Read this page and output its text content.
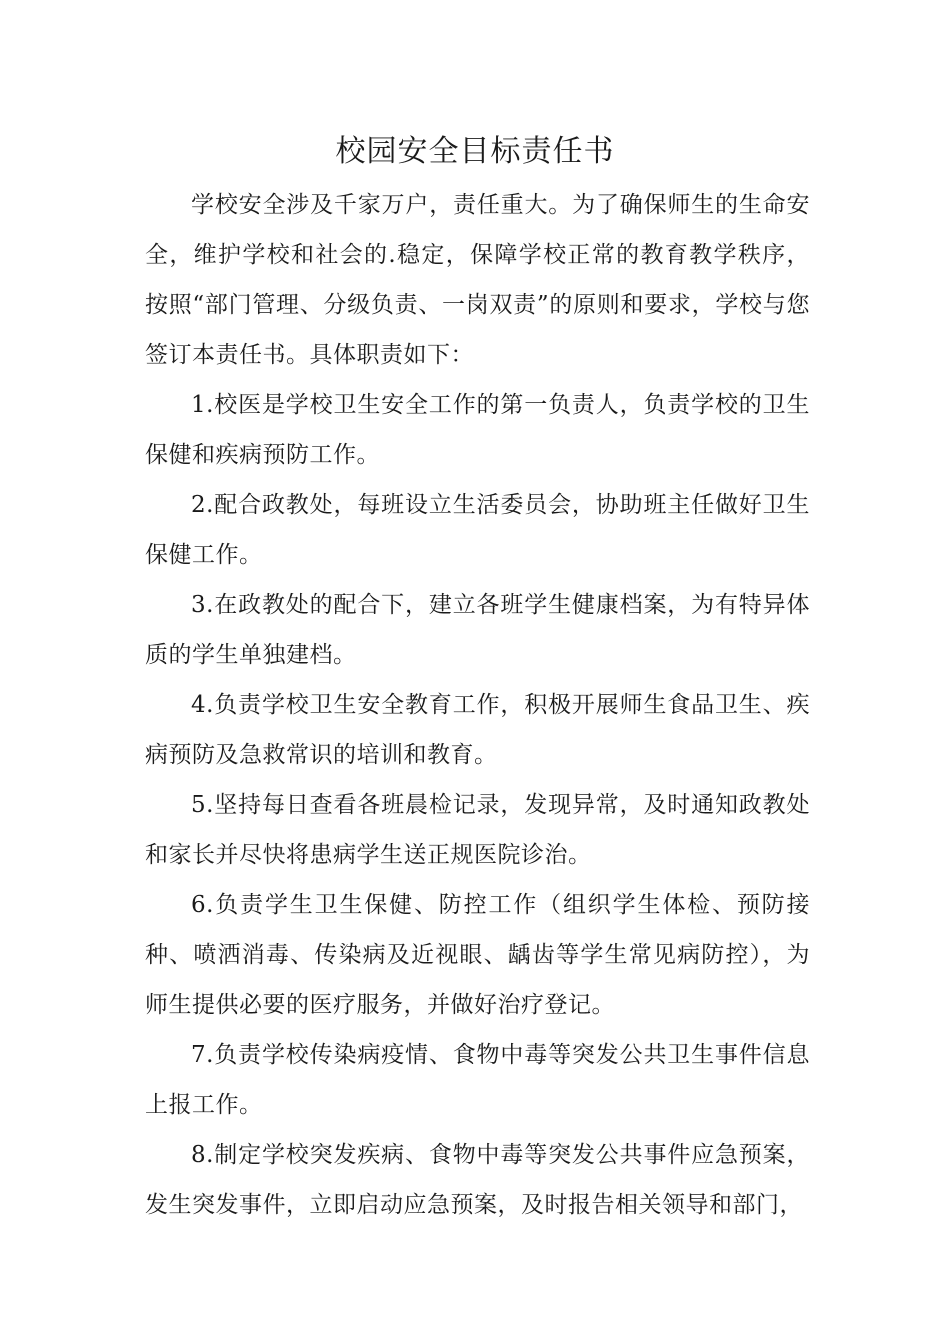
校园安全目标责任书

学校安全涉及千家万户，责任重大。为了确保师生的生命安全，维护学校和社会的.稳定，保障学校正常的教育教学秩序，按照“部门管理、分级负责、一岗双责”的原则和要求，学校与您签订本责任书。具体职责如下：

1.校医是学校卫生安全工作的第一负责人，负责学校的卫生保健和疾病预防工作。

2.配合政教处，每班设立生活委员会，协助班主任做好卫生保健工作。

3.在政教处的配合下，建立各班学生健康档案，为有特异体质的学生单独建档。

4.负责学校卫生安全教育工作，积极开展师生食品卫生、疾病预防及急救常识的培训和教育。

5.坚持每日查看各班晨检记录，发现异常，及时通知政教处和家长并尽快将患病学生送正规医院诊治。

6.负责学生卫生保健、防控工作（组织学生体检、预防接种、喷洒消毒、传染病及近视眼、龋齿等学生常见病防控），为师生提供必要的医疗服务，并做好治疗登记。

7.负责学校传染病疫情、食物中毒等突发公共卫生事件信息上报工作。

8.制定学校突发疾病、食物中毒等突发公共事件应急预案，发生突发事件，立即启动应急预案，及时报告相关领导和部门，
